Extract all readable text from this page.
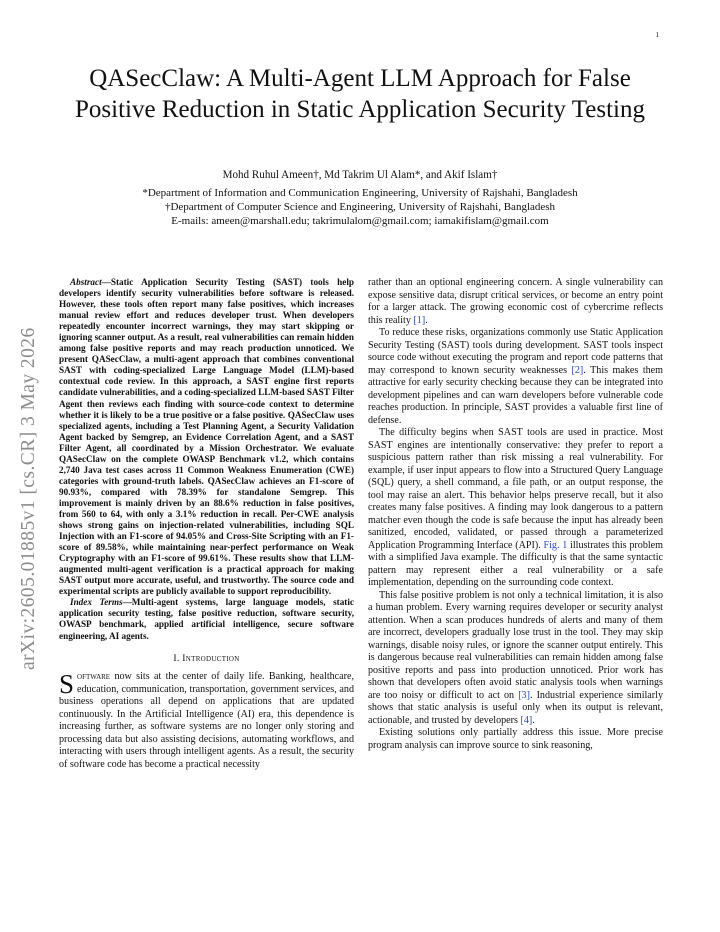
1
arXiv:2605.01885v1 [cs.CR] 3 May 2026
QASecClaw: A Multi-Agent LLM Approach for False Positive Reduction in Static Application Security Testing
Mohd Ruhul Ameen†, Md Takrim Ul Alam*, and Akif Islam†
*Department of Information and Communication Engineering, University of Rajshahi, Bangladesh
†Department of Computer Science and Engineering, University of Rajshahi, Bangladesh
E-mails: ameen@marshall.edu; takrimulalom@gmail.com; iamakifislam@gmail.com

Abstract—Static Application Security Testing (SAST) tools help developers identify security vulnerabilities before software is released. However, these tools often report many false positives, which increases manual review effort and reduces developer trust. When developers repeatedly encounter incorrect warnings, they may start skipping or ignoring scanner output. As a result, real vulnerabilities can remain hidden among false positive reports and may reach production unnoticed. We present QASecClaw, a multi-agent approach that combines conventional SAST with coding-specialized Large Language Model (LLM)-based contextual code review. In this approach, a SAST engine first reports candidate vulnerabilities, and a coding-specialized LLM-based SAST Filter Agent then reviews each finding with source-code context to determine whether it is likely to be a true positive or a false positive. QASecClaw uses specialized agents, including a Test Planning Agent, a Security Validation Agent backed by Semgrep, an Evidence Correlation Agent, and a SAST Filter Agent, all coordinated by a Mission Orchestrator. We evaluate QASecClaw on the complete OWASP Benchmark v1.2, which contains 2,740 Java test cases across 11 Common Weakness Enumeration (CWE) categories with ground-truth labels. QASecClaw achieves an F1-score of 90.93%, compared with 78.39% for standalone Semgrep. This improvement is mainly driven by an 88.6% reduction in false positives, from 560 to 64, with only a 3.1% reduction in recall. Per-CWE analysis shows strong gains on injection-related vulnerabilities, including SQL Injection with an F1-score of 94.05% and Cross-Site Scripting with an F1-score of 89.58%, while maintaining near-perfect performance on Weak Cryptography with an F1-score of 99.61%. These results show that LLM-augmented multi-agent verification is a practical approach for making SAST output more accurate, useful, and trustworthy. The source code and experimental scripts are publicly available to support reproducibility.

Index Terms—Multi-agent systems, large language models, static application security testing, false positive reduction, software security, OWASP benchmark, applied artificial intelligence, secure software engineering, AI agents.

I. Introduction

Software now sits at the center of daily life. Banking, healthcare, education, communication, transportation, government services, and business operations all depend on applications that are updated continuously. In the Artificial Intelligence (AI) era, this dependence is increasing further, as software systems are no longer only storing and processing data but also assisting decisions, automating workflows, and interacting with users through intelligent agents. As a result, the security of software code has become a practical necessity

rather than an optional engineering concern. A single vulnerability can expose sensitive data, disrupt critical services, or become an entry point for a larger attack. The growing economic cost of cybercrime reflects this reality [1].

To reduce these risks, organizations commonly use Static Application Security Testing (SAST) tools during development. SAST tools inspect source code without executing the program and report code patterns that may correspond to known security weaknesses [2]. This makes them attractive for early security checking because they can be integrated into development pipelines and can warn developers before vulnerable code reaches production. In principle, SAST provides a valuable first line of defense.

The difficulty begins when SAST tools are used in practice. Most SAST engines are intentionally conservative: they prefer to report a suspicious pattern rather than risk missing a real vulnerability. For example, if user input appears to flow into a Structured Query Language (SQL) query, a shell command, a file path, or an output response, the tool may raise an alert. This behavior helps preserve recall, but it also creates many false positives. A finding may look dangerous to a pattern matcher even though the code is safe because the input has already been sanitized, encoded, validated, or passed through a parameterized Application Programming Interface (API). Fig. 1 illustrates this problem with a simplified Java example. The difficulty is that the same syntactic pattern may represent either a real vulnerability or a safe implementation, depending on the surrounding code context.

This false positive problem is not only a technical limitation, it is also a human problem. Every warning requires developer or security analyst attention. When a scan produces hundreds of alerts and many of them are incorrect, developers gradually lose trust in the tool. They may skip warnings, disable noisy rules, or ignore the scanner output entirely. This is dangerous because real vulnerabilities can remain hidden among false positive reports and pass into production unnoticed. Prior work has shown that developers often avoid static analysis tools when warnings are too noisy or difficult to act on [3]. Industrial experience similarly shows that static analysis is useful only when its output is relevant, actionable, and trusted by developers [4].

Existing solutions only partially address this issue. More precise program analysis can improve source to sink reasoning,
